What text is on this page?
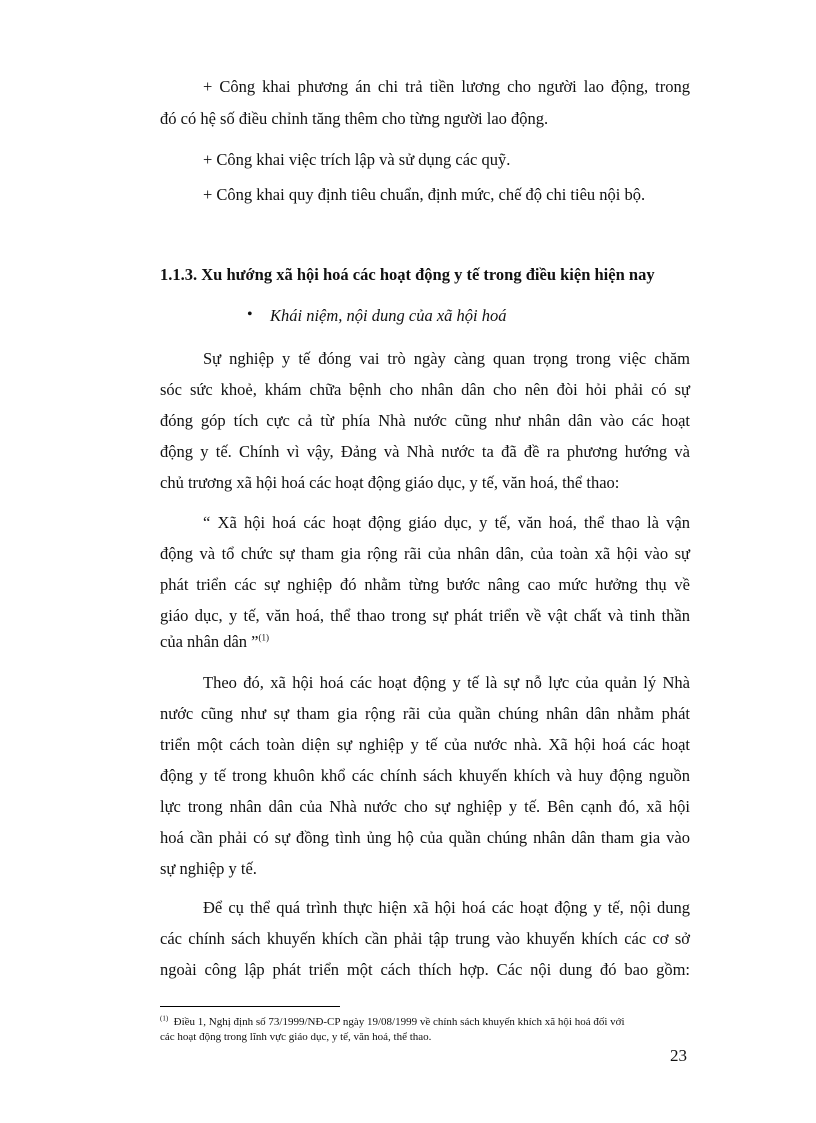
+ Công khai phương án chi trả tiền lương cho người lao động, trong
đó có hệ số điều chỉnh tăng thêm cho từng người lao động.
+ Công khai việc trích lập và sử dụng các quỹ.
+ Công khai quy định tiêu chuẩn, định mức, chế độ chi tiêu nội bộ.
1.1.3. Xu hướng xã hội hoá các hoạt động y tế trong điều kiện hiện nay
• Khái niệm, nội dung của xã hội hoá
Sự nghiệp y tế đóng vai trò ngày càng quan trọng trong việc chăm
sóc sức khoẻ, khám chữa bệnh cho nhân dân cho nên đòi hỏi phải có sự
đóng góp tích cực cả từ phía Nhà nước cũng như nhân dân vào các hoạt
động y tế. Chính vì vậy, Đảng và Nhà nước ta đã đề ra phương hướng và
chủ trương xã hội hoá các hoạt động giáo dục, y tế, văn hoá, thể thao:
“ Xã hội hoá các hoạt động giáo dục, y tế, văn hoá, thể thao là vận
động và tổ chức sự tham gia rộng rãi của nhân dân, của toàn xã hội vào sự
phát triển các sự nghiệp đó nhằm từng bước nâng cao mức hưởng thụ về
giáo dục, y tế, văn hoá, thể thao trong sự phát triển về vật chất và tinh thần
của nhân dân ”$^{(1)}$
Theo đó, xã hội hoá các hoạt động y tế là sự nỗ lực của quản lý Nhà
nước cũng như sự tham gia rộng rãi của quần chúng nhân dân nhằm phát
triển một cách toàn diện sự nghiệp y tế của nước nhà. Xã hội hoá các hoạt
động y tế trong khuôn khổ các chính sách khuyến khích và huy động nguồn
lực trong nhân dân của Nhà nước cho sự nghiệp y tế. Bên cạnh đó, xã hội
hoá cần phải có sự đồng tình ủng hộ của quần chúng nhân dân tham gia vào
sự nghiệp y tế.
Để cụ thể quá trình thực hiện xã hội hoá các hoạt động y tế, nội dung
các chính sách khuyến khích cần phải tập trung vào khuyến khích các cơ sở
ngoài công lập phát triển một cách thích hợp. Các nội dung đó bao gồm:
$^{(1)}$ Điều 1, Nghị định số 73/1999/NĐ-CP ngày 19/08/1999 về chính sách khuyến khích xã hội hoá đối với
các hoạt động trong lĩnh vực giáo dục, y tế, văn hoá, thể thao.
23
